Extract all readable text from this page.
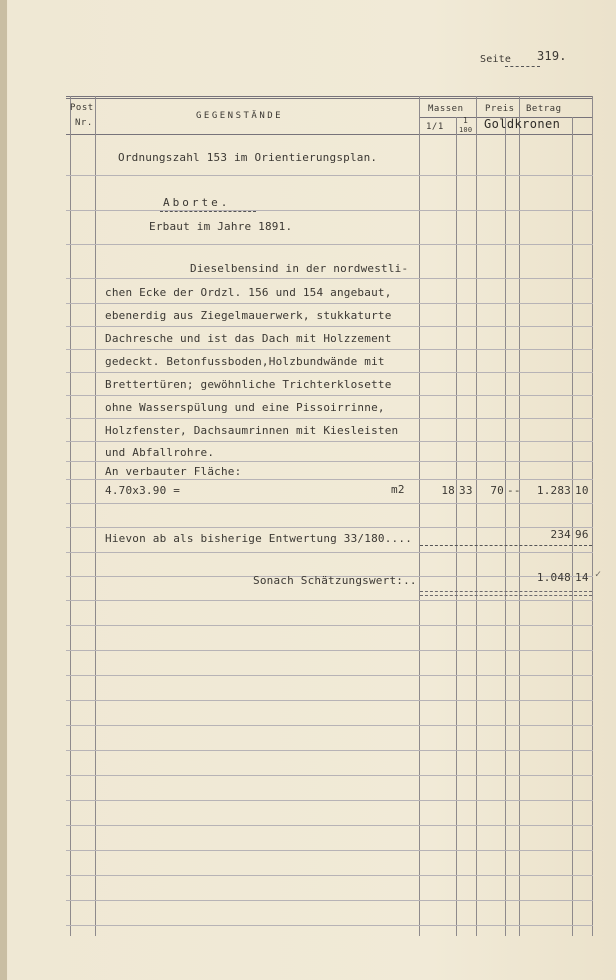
Seite 319.
Post
Nr.
GEGENSTÄNDE
Massen
1/1
1
100
Preis Betrag
Goldkronen
Ordnungszahl 153 im Orientierungsplan.
Aborte.
Erbaut im Jahre 1891.
Dieselbensind in der nordwestli-
chen Ecke der Ordzl. 156 und 154 angebaut,
ebenerdig aus Ziegelmauerwerk, stukkaturte
Dachresche und ist das Dach mit Holzzement
gedeckt. Betonfussboden,Holzbundwände mit
Brettertüren; gewöhnliche Trichterklosette
ohne Wasserspülung und eine Pissoirrinne,
Holzfenster, Dachsaumrinnen mit Kiesleisten
und Abfallrohre.
An verbauter Fläche:
4.70x3.90 =	m2	18 33	70 --	1.283 10
Hievon ab als bisherige Entwertung 33/180....	234 96
Sonach Schätzungswert:..	1.048 14 ✓
